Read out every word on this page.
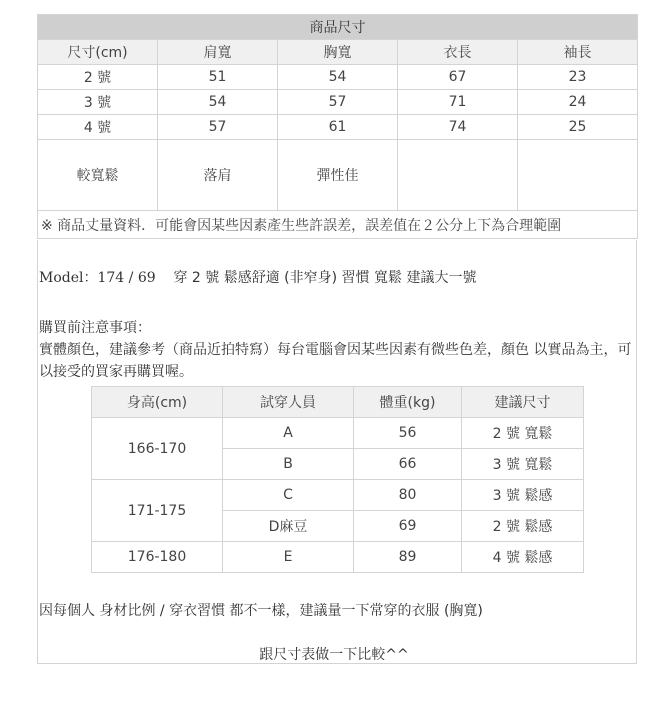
商品尺寸				
尺寸(cm)	肩寬	胸寬	衣長	袖長
2 號	51	54	67	23
3 號	54	57	71	24
4 號	57	61	74	25
較寬鬆	落肩	彈性佳		
※ 商品丈量資料．可能會因某些因素產生些許誤差，誤差值在２公分上下為合理範圍				
Model：174 / 69 穿 2 號 鬆感舒適 (非窄身) 習慣 寬鬆 建議大一號

購買前注意事項：

實體顏色，建議參考（商品近拍特寫）每台電腦會因某些因素有微些色差，顏色 以實品為主，可以接受的買家再購買喔。

身高(cm)	試穿人員	體重(kg)	建議尺寸
166-170	A	56	2 號 寬鬆
	B	66	3 號 寬鬆
171-175	C	80	3 號 鬆感
	D麻豆	69	2 號 鬆感
176-180	E	89	4 號 鬆感
因每個人 身材比例 / 穿衣習慣 都不一樣，建議量一下常穿的衣服 (胸寬)
跟尺寸表做一下比較^^
